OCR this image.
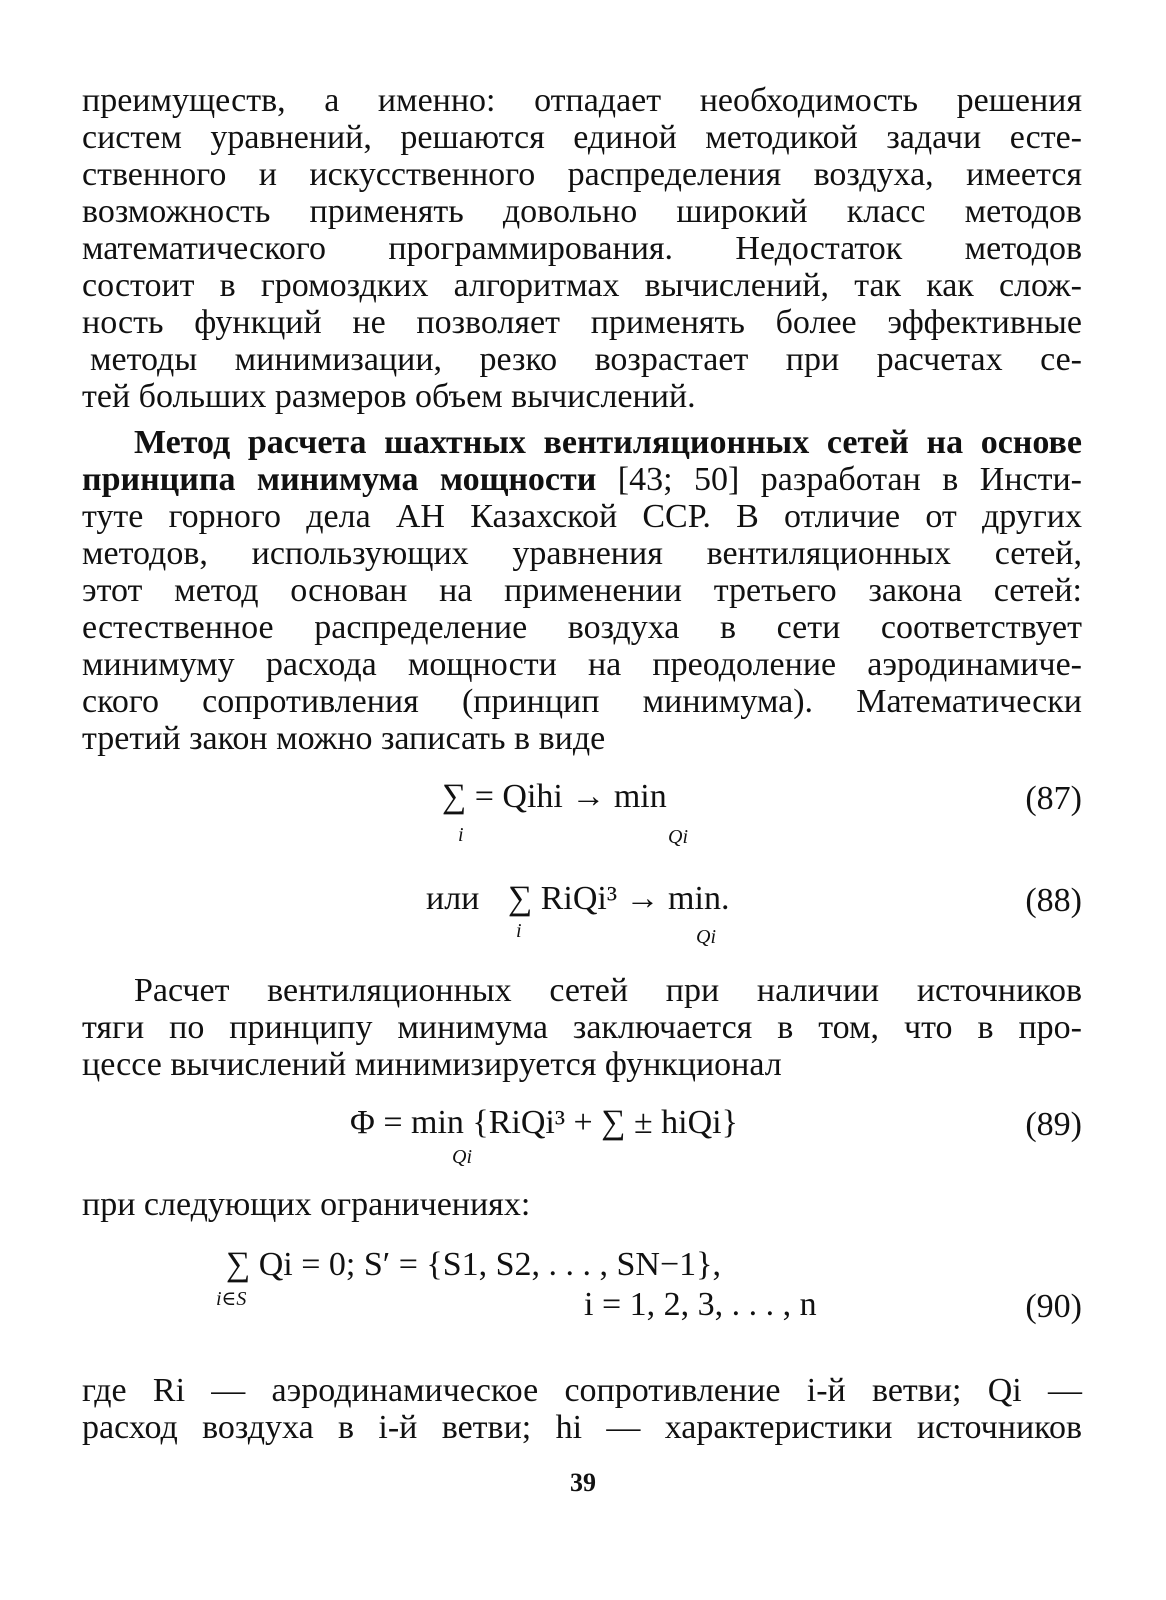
преимуществ, а именно: отпадает необходимость решения
систем уравнений, решаются единой методикой задачи есте-
ственного и искусственного распределения воздуха, имеется
возможность применять довольно широкий класс методов
математического программирования. Недостаток методов
состоит в громоздких алгоритмах вычислений, так как слож-
ность функций не позволяет применять более эффективные
методы минимизации, резко возрастает при расчетах се-
тей больших размеров объем вычислений.
Метод расчета шахтных вентиляционных сетей на основе
принципа минимума мощности [43; 50] разработан в Инсти-
туте горного дела АН Казахской ССР. В отличие от других
методов, использующих уравнения вентиляционных сетей,
этот метод основан на применении третьего закона сетей:
естественное распределение воздуха в сети соответствует
минимуму расхода мощности на преодоление аэродинамиче-
ского сопротивления (принцип минимума). Математически
третий закон можно записать в виде
∑ = Qihi → min
i	Qi
(87)
или ∑ RiQi³ → min.
i	Qi
(88)
Расчет вентиляционных сетей при наличии источников
тяги по принципу минимума заключается в том, что в про-
цессе вычислений минимизируется функционал
Φ = min {RiQi³ + ∑ ± hiQi}
Qi
(89)
при следующих ограничениях:
∑ Qi = 0; S′ = {S1, S2, . . . , SN−1},
i∈S	i = 1, 2, 3, . . . , n	(90)
где Ri — аэродинамическое сопротивление i-й ветви; Qi —
расход воздуха в i-й ветви; hi — характеристики источников
39
